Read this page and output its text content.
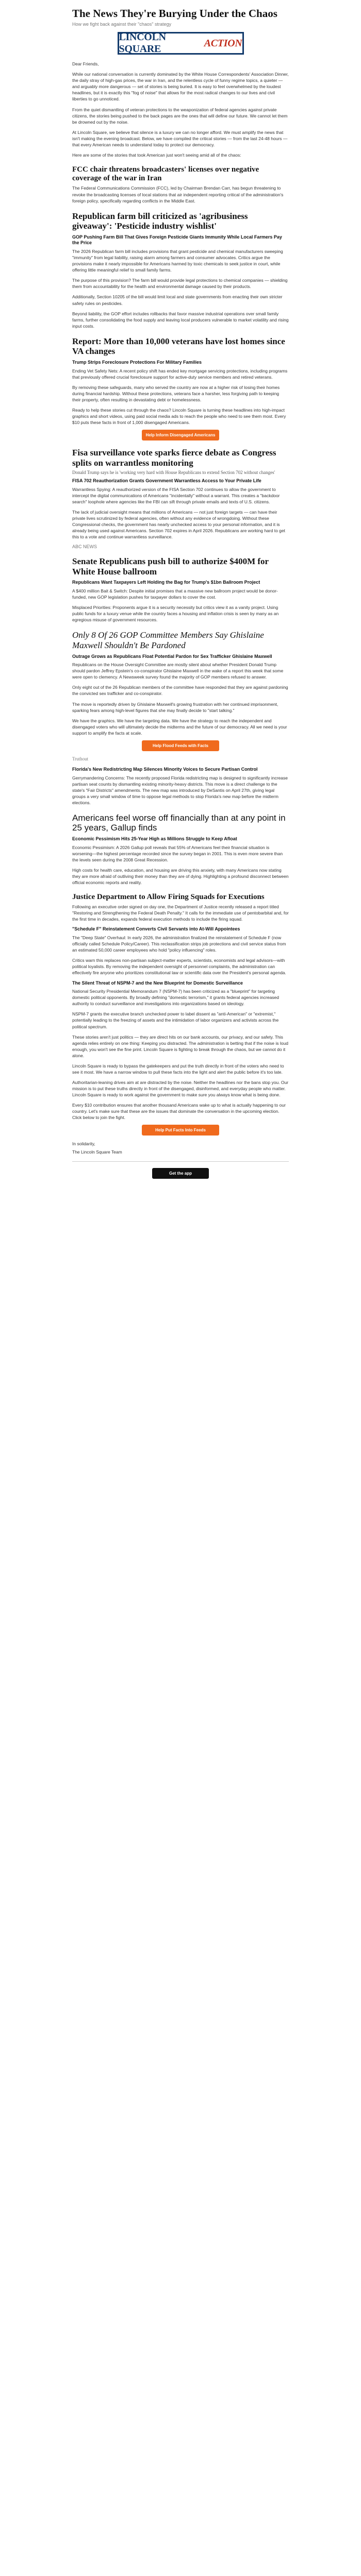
The News They're Burying Under the Chaos
How we fight back against their "chaos" strategy
LINCOLN SQUARE
ACTION

Dear Friends,

While our national conversation is currently dominated by the White House Correspondents' Association Dinner, the daily stray of high-gas prices, the war in Iran, and the relentless cycle of funny regime topics, a quieter — and arguably more dangerous — set of stories is being buried. It is easy to feel overwhelmed by the loudest headlines, but it is exactly this "fog of noise" that allows for the most radical changes to our lives and civil liberties to go unnoticed.

From the quiet dismantling of veteran protections to the weaponization of federal agencies against private citizens, the stories being pushed to the back pages are the ones that will define our future. We cannot let them be drowned out by the noise.

At Lincoln Square, we believe that silence is a luxury we can no longer afford. We must amplify the news that isn't making the evening broadcast. Below, we have compiled the critical stories — from the last 24-48 hours — that every American needs to understand today to protect our democracy.

Here are some of the stories that took American just won't seeing amid all of the chaos:

FCC chair threatens broadcasters' licenses over negative coverage of the war in Iran

The Federal Communications Commission (FCC), led by Chairman Brendan Carr, has begun threatening to revoke the broadcasting licenses of local stations that air independent reporting critical of the administration's foreign policy, specifically regarding conflicts in the Middle East.

Republican farm bill criticized as 'agribusiness giveaway': 'Pesticide industry wishlist'
GOP Pushing Farm Bill That Gives Foreign Pesticide Giants Immunity While Local Farmers Pay the Price

The 2026 Republican farm bill includes provisions that grant pesticide and chemical manufacturers sweeping "immunity" from legal liability, raising alarm among farmers and consumer advocates. Critics argue the provisions make it nearly impossible for Americans harmed by toxic chemicals to seek justice in court, while offering little meaningful relief to small family farms.

The purpose of this provision? The farm bill would provide legal protections to chemical companies — shielding them from accountability for the health and environmental damage caused by their products.

Additionally, Section 10205 of the bill would limit local and state governments from enacting their own stricter safety rules on pesticides.

Beyond liability, the GOP effort includes rollbacks that favor massive industrial operations over small family farms, further consolidating the food supply and leaving local producers vulnerable to market volatility and rising input costs.

Report: More than 10,000 veterans have lost homes since VA changes
Trump Strips Foreclosure Protections For Military Families

Ending Vet Safety Nets: A recent policy shift has ended key mortgage servicing protections, including programs that previously offered crucial foreclosure support for active-duty service members and retired veterans.

By removing these safeguards, many who served the country are now at a higher risk of losing their homes during financial hardship. Without these protections, veterans face a harsher, less forgiving path to keeping their property, often resulting in devastating debt or homelessness.

Ready to help these stories cut through the chaos? Lincoln Square is turning these headlines into high-impact graphics and short videos, using paid social media ads to reach the people who need to see them most. Every $10 puts these facts in front of 1,000 disengaged Americans.

Help Inform Disengaged Americans
Fisa surveillance vote sparks fierce debate as Congress splits on warrantless monitoring
Donald Trump says he is 'working very hard with House Republicans to extend Section 702 without changes'
FISA 702 Reauthorization Grants Government Warrantless Access to Your Private Life

Warrantless Spying: A reauthorized version of the FISA Section 702 continues to allow the government to intercept the digital communications of Americans "incidentally" without a warrant. This creates a "backdoor search" loophole where agencies like the FBI can sift through private emails and texts of U.S. citizens.

The lack of judicial oversight means that millions of Americans — not just foreign targets — can have their private lives scrutinized by federal agencies, often without any evidence of wrongdoing. Without these Congressional checks, the government has nearly unchecked access to your personal information, and it is already being used against Americans. Section 702 expires in April 2026. Republicans are working hard to get this to a vote and continue warrantless surveillance.

ABC NEWS
Senate Republicans push bill to authorize $400M for White House ballroom
Republicans Want Taxpayers Left Holding the Bag for Trump's $1bn Ballroom Project

A $400 million Bait & Switch: Despite initial promises that a massive new ballroom project would be donor-funded, new GOP legislation pushes for taxpayer dollars to cover the cost.

Misplaced Priorities: Proponents argue it is a security necessity but critics view it as a vanity project. Using public funds for a luxury venue while the country faces a housing and inflation crisis is seen by many as an egregious misuse of government resources.

Only 8 Of 26 GOP Committee Members Say Ghislaine Maxwell Shouldn't Be Pardoned
Outrage Grows as Republicans Float Potential Pardon for Sex Trafficker Ghislaine Maxwell

Republicans on the House Oversight Committee are mostly silent about whether President Donald Trump should pardon Jeffrey Epstein's co-conspirator Ghislaine Maxwell in the wake of a report this week that some were open to clemency. A Newsweek survey found the majority of GOP members refused to answer.

Only eight out of the 26 Republican members of the committee have responded that they are against pardoning the convicted sex trafficker and co-conspirator.

The move is reportedly driven by Ghislaine Maxwell's growing frustration with her continued imprisonment, sparking fears among high-level figures that she may finally decide to "start talking."

We have the graphics. We have the targeting data. We have the strategy to reach the independent and disengaged voters who will ultimately decide the midterms and the future of our democracy. All we need is your support to amplify the facts at scale.

Help Flood Feeds with Facts
Truthout
Florida's New Redistricting Map Silences Minority Voices to Secure Partisan Control

Gerrymandering Concerns: The recently proposed Florida redistricting map is designed to significantly increase partisan seat counts by dismantling existing minority-heavy districts. This move is a direct challenge to the state's "Fair Districts" amendments. The new map was introduced by DeSantis on April 27th, giving legal groups a very small window of time to oppose legal methods to stop Florida's new map before the midterm elections.

Americans feel worse off financially than at any point in 25 years, Gallup finds
Economic Pessimism Hits 25-Year High as Millions Struggle to Keep Afloat

Economic Pessimism: A 2026 Gallup poll reveals that 55% of Americans feel their financial situation is worsening—the highest percentage recorded since the survey began in 2001. This is even more severe than the levels seen during the 2008 Great Recession.

High costs for health care, education, and housing are driving this anxiety, with many Americans now stating they are more afraid of outliving their money than they are of dying. Highlighting a profound disconnect between official economic reports and reality.

Justice Department to Allow Firing Squads for Executions

Following an executive order signed on day one, the Department of Justice recently released a report titled "Restoring and Strengthening the Federal Death Penalty." It calls for the immediate use of pentobarbital and, for the first time in decades, expands federal execution methods to include the firing squad.

"Schedule F" Reinstatement Converts Civil Servants into At-Will Appointees

The "Deep State" Overhaul: In early 2026, the administration finalized the reinstatement of Schedule F (now officially called Schedule Policy/Career). This reclassification strips job protections and civil service status from an estimated 50,000 career employees who hold "policy influencing" roles.

Critics warn this replaces non-partisan subject-matter experts, scientists, economists and legal advisors—with political loyalists. By removing the independent oversight of personnel complaints, the administration can effectively fire anyone who prioritizes constitutional law or scientific data over the President's personal agenda.

The Silent Threat of NSPM-7 and the New Blueprint for Domestic Surveillance

National Security Presidential Memorandum 7 (NSPM-7) has been criticized as a "blueprint" for targeting domestic political opponents. By broadly defining "domestic terrorism," it grants federal agencies increased authority to conduct surveillance and investigations into organizations based on ideology.

NSPM-7 grants the executive branch unchecked power to label dissent as "anti-American" or "extremist," potentially leading to the freezing of assets and the intimidation of labor organizers and activists across the political spectrum.

These stories aren't just politics — they are direct hits on our bank accounts, our privacy, and our safety. This agenda relies entirely on one thing: Keeping you distracted. The administration is betting that if the noise is loud enough, you won't see the fine print. Lincoln Square is fighting to break through the chaos, but we cannot do it alone.

Lincoln Square is ready to bypass the gatekeepers and put the truth directly in front of the voters who need to see it most. We have a narrow window to pull these facts into the light and alert the public before it's too late.

Authoritarian-leaning drives aim at are distracted by the noise. Neither the headlines nor the bans stop you. Our mission is to put these truths directly in front of the disengaged, disinformed, and everyday people who matter. Lincoln Square is ready to work against the government to make sure you always know what is being done.

Every $10 contribution ensures that another thousand Americans wake up to what is actually happening to our country. Let's make sure that these are the issues that dominate the conversation in the upcoming election. Click below to join the fight.

Help Put Facts Into Feeds

In solidarity,

The Lincoln Square Team

Get the app
